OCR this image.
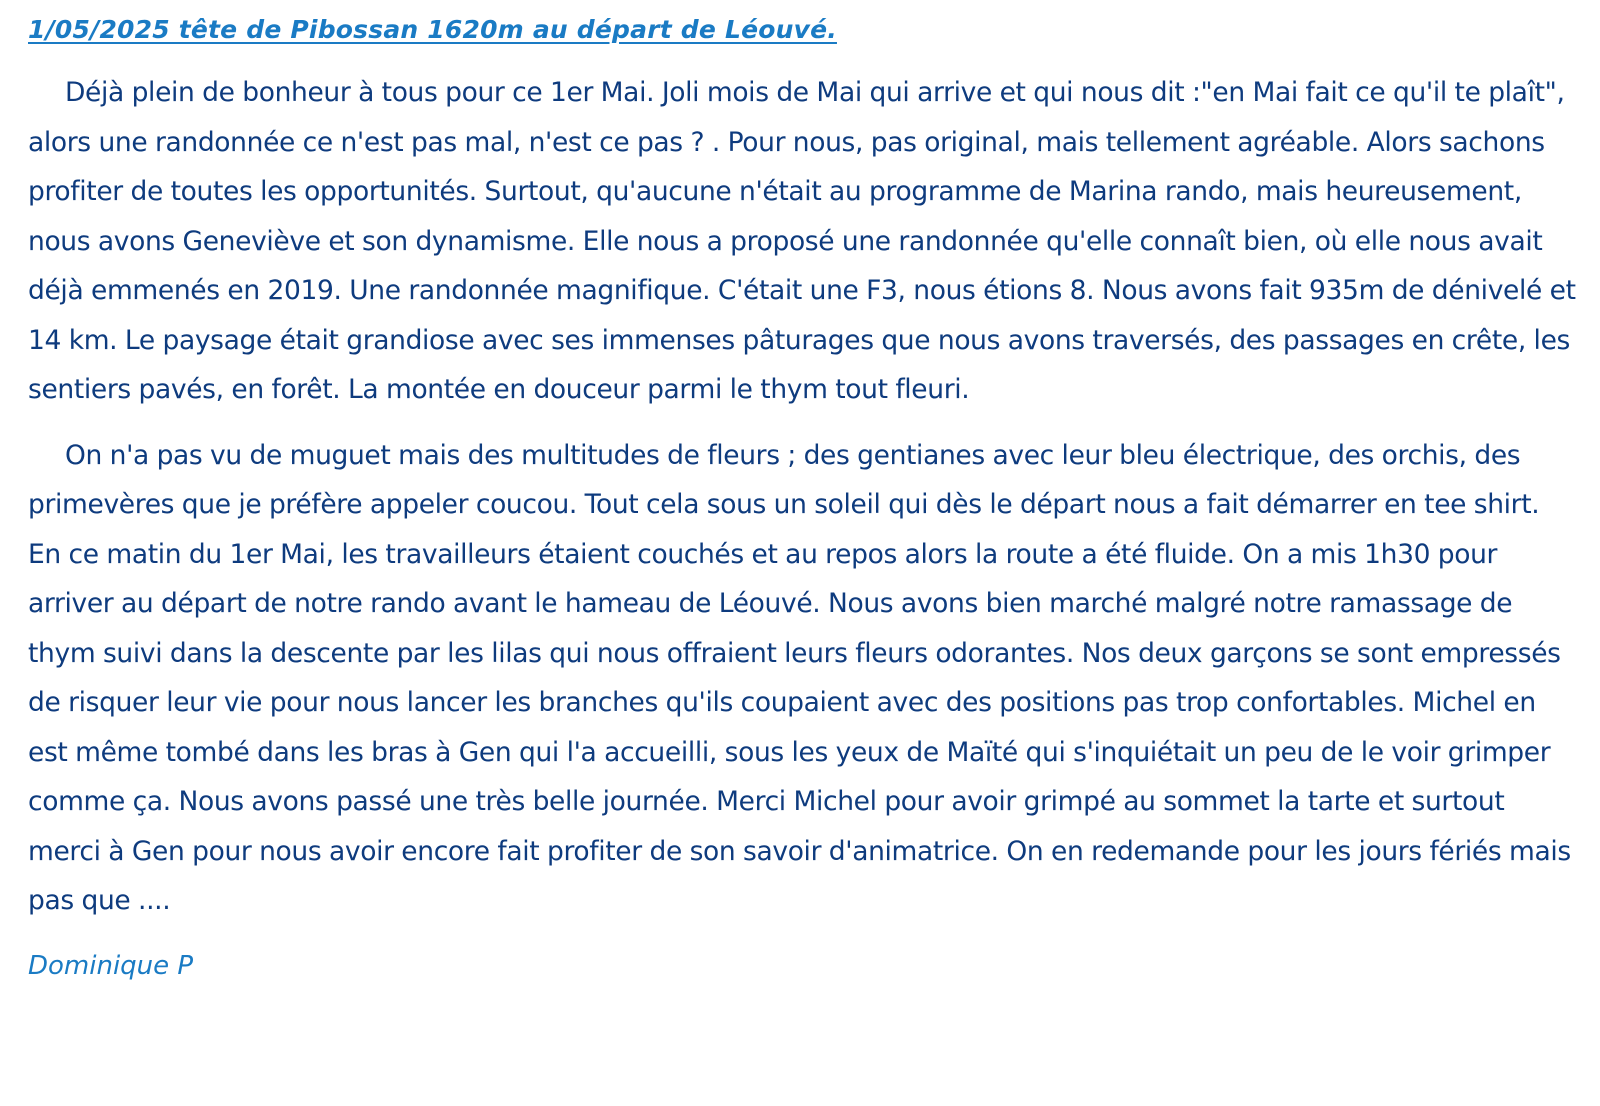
1/05/2025 tête de Pibossan 1620m au départ de Léouvé.

Déjà plein de bonheur à tous pour ce 1er Mai. Joli mois de Mai qui arrive et qui nous dit :"en Mai fait ce qu'il te plaît", alors une randonnée ce n'est pas mal, n'est ce pas ? . Pour nous, pas original, mais tellement agréable. Alors sachons profiter de toutes les opportunités. Surtout, qu'aucune n'était au programme de Marina rando, mais heureusement, nous avons Geneviève et son dynamisme. Elle nous a proposé une randonnée qu'elle connaît bien, où elle nous avait déjà emmenés en 2019. Une randonnée magnifique. C'était une F3, nous étions 8. Nous avons fait 935m de dénivelé et 14 km. Le paysage était grandiose avec ses immenses pâturages que nous avons traversés, des passages en crête, les sentiers pavés, en forêt. La montée en douceur parmi le thym tout fleuri.

On n'a pas vu de muguet mais des multitudes de fleurs ; des gentianes avec leur bleu électrique, des orchis, des primevères que je préfère appeler coucou. Tout cela sous un soleil qui dès le départ nous a fait démarrer en tee shirt. En ce matin du 1er Mai, les travailleurs étaient couchés et au repos alors la route a été fluide. On a mis 1h30 pour arriver au départ de notre rando avant le hameau de Léouvé. Nous avons bien marché malgré notre ramassage de thym suivi dans la descente par les lilas qui nous offraient leurs fleurs odorantes. Nos deux garçons se sont empressés de risquer leur vie pour nous lancer les branches qu'ils coupaient avec des positions pas trop confortables. Michel en est même tombé dans les bras à Gen qui l'a accueilli, sous les yeux de Maïté qui s'inquiétait un peu de le voir grimper comme ça. Nous avons passé une très belle journée. Merci Michel pour avoir grimpé au sommet la tarte et surtout merci à Gen pour nous avoir encore fait profiter de son savoir d'animatrice. On en redemande pour les jours fériés mais pas que ....

Dominique P
